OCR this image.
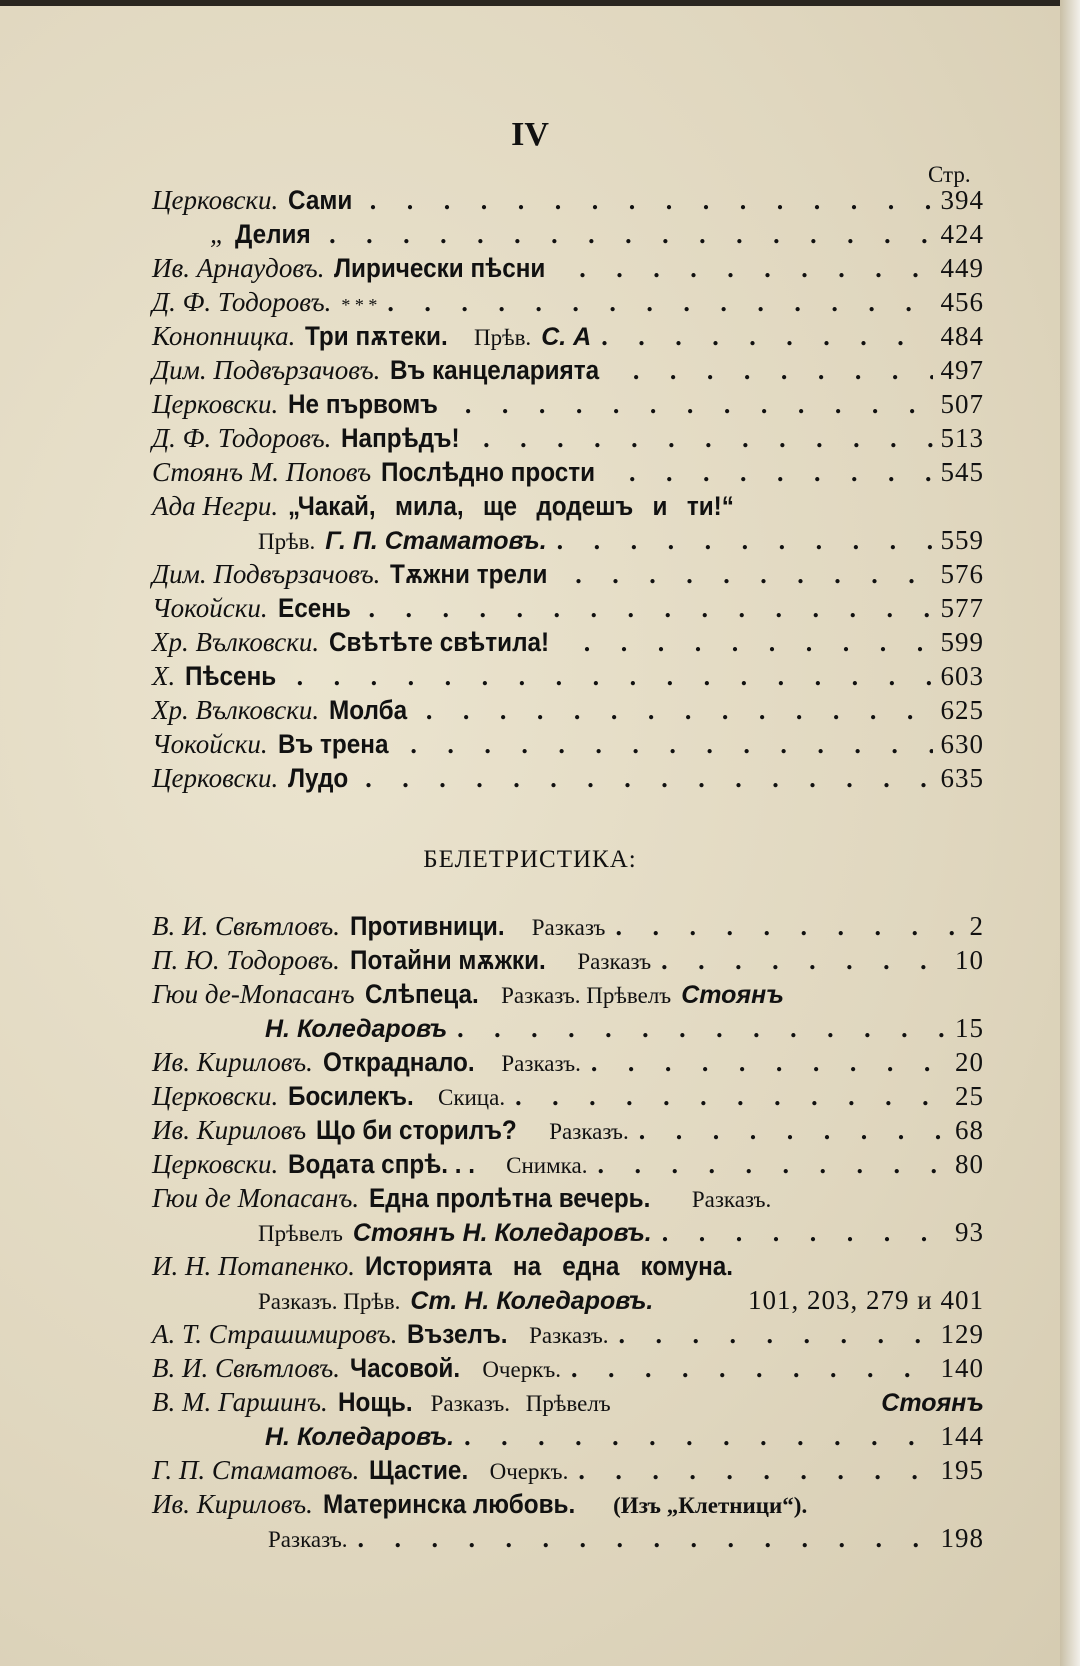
IV
Стр.
Церковски. Сами . . .	394
„ Делия . . .	424
Ив. Арнаудовъ. Лирически пѣсни . . .	449
Д. Ф. Тодоровъ. * * * . . .	456
Конопницка. Три пѫтеки. Прѣв. С. А . . .	484
Дим. Подвързачовъ. Въ канцеларията . . .	497
Церковски. Не първомъ . . .	507
Д. Ф. Тодоровъ. Напрѣдъ! . . .	513
Стоянъ М. Поповъ Послѣдно прости . . .	545
Ада Негри. „Чакай, мила, ще додешъ и ти!“
Прѣв. Г. П. Стаматовъ. . . .	559
Дим. Подвързачовъ. Тѫжни трели . . .	576
Чокойски. Есень . . .	577
Хр. Вълковски. Свѣтѣте свѣтила! . . .	599
Х. Пѣсень . . .	603
Хр. Вълковски. Молба . . .	625
Чокойски. Въ трена . . .	630
Церковски. Лудо . . .	635
БЕЛЕТРИСТИКА:
В. И. Свѣтловъ. Противници. Разказъ . . .	2
П. Ю. Тодоровъ. Потайни мѫжки. Разказъ . . .	10
Гюи де-Мопасанъ Слѣпеца. Разказъ. Прѣвелъ Стоянъ
Н. Коледаровъ . . .	15
Ив. Кириловъ. Откраднало. Разказъ. . . .	20
Церковски. Босилекъ. Скица. . . .	25
Ив. Кириловъ Що би сторилъ? Разказъ. . . .	68
Церковски. Водата спрѣ. . . Снимка. . . .	80
Гюи де Мопасанъ. Една пролѣтна вечерь. Разказъ.
Прѣвелъ Стоянъ Н. Коледаровъ. . . .	93
И. Н. Потапенко. Историята на една комуна.
Разказъ. Прѣв. Ст. Н. Коледаровъ.	101, 203, 279 и 401
А. Т. Страшимировъ. Възелъ. Разказъ. . . .	129
В. И. Свѣтловъ. Часовой. Очеркъ. . . .	140
В. М. Гаршинъ. Нощь. Разказъ. Прѣвелъ	Стоянъ
Н. Коледаровъ. . . .	144
Г. П. Стаматовъ. Щастие. Очеркъ. . . .	195
Ив. Кириловъ. Материнска любовь. (Изъ „Клетници“).
Разказъ. . . .	198
